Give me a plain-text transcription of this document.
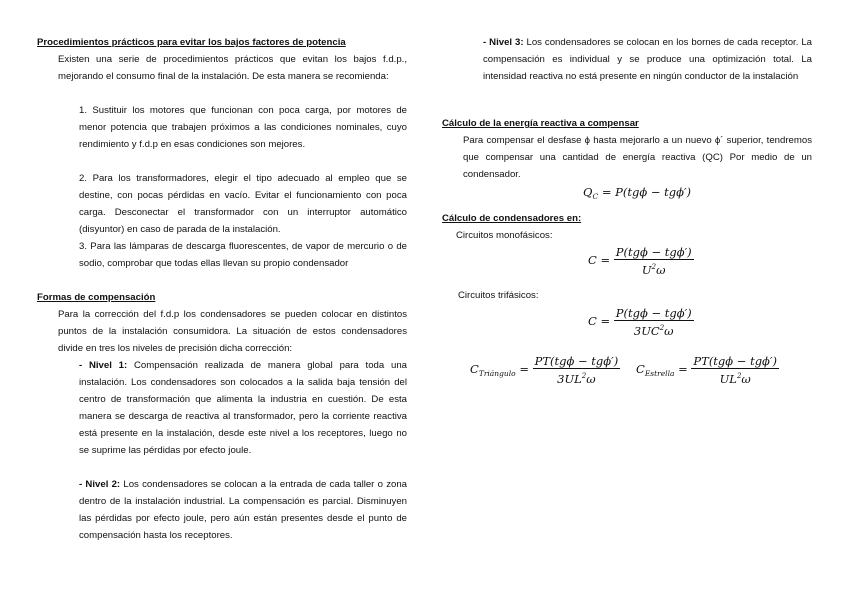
Procedimientos prácticos para evitar los bajos factores de potencia
Existen una serie de procedimientos prácticos que evitan los bajos f.d.p., mejorando el consumo final de la instalación. De esta manera se recomienda:
1. Sustituir los motores que funcionan con poca carga, por motores de menor potencia que trabajen próximos a las condiciones nominales, cuyo rendimiento y f.d.p en esas condiciones son mejores.
2. Para los transformadores, elegir el tipo adecuado al empleo que se destine, con pocas pérdidas en vacío. Evitar el funcionamiento con poca carga. Desconectar el transformador con un interruptor automático (disyuntor) en caso de parada de la instalación.
3. Para las lámparas de descarga fluorescentes, de vapor de mercurio o de sodio, comprobar que todas ellas llevan su propio condensador
Formas de compensación
Para la corrección del f.d.p los condensadores se pueden colocar en distintos puntos de la instalación consumidora. La situación de estos condensadores divide en tres los niveles de precisión dicha corrección:
- Nivel 1: Compensación realizada de manera global para toda una instalación. Los condensadores son colocados a la salida baja tensión del centro de transformación que alimenta la industria en cuestión. De esta manera se descarga de reactiva al transformador, pero la corriente reactiva está presente en la instalación, desde este nivel a los receptores, luego no se suprime las pérdidas por efecto joule.
- Nivel 2: Los condensadores se colocan a la entrada de cada taller o zona dentro de la instalación industrial. La compensación es parcial. Disminuyen las pérdidas por efecto joule, pero aún están presentes desde el punto de compensación hasta los receptores.
- Nivel 3: Los condensadores se colocan en los bornes de cada receptor. La compensación es individual y se produce una optimización total. La intensidad reactiva no está presente en ningún conductor de la instalación
Cálculo de la energía reactiva a compensar
Para compensar el desfase ϕ hasta mejorarlo a un nuevo ϕ´ superior, tendremos que compensar una cantidad de energía reactiva (QC) Por medio de un condensador.
$Q_C = P(tg\phi - tg\phi')$
Cálculo de condensadores en:
Circuitos monofásicos:
$C = \frac{\text{P(tgϕ − tgϕ′)}}{U^2\omega}$
Circuitos trifásicos:
$C = \frac{\text{P(tgϕ − tgϕ′)}}{3UC^2\omega}$
$C_{Triángulo} = \frac{\text{PT(tgϕ − tgϕ′)}}{3UL^2\omega} C_{Estrella} = \frac{\text{PT(tgϕ − tgϕ′)}}{UL^2\omega}$
